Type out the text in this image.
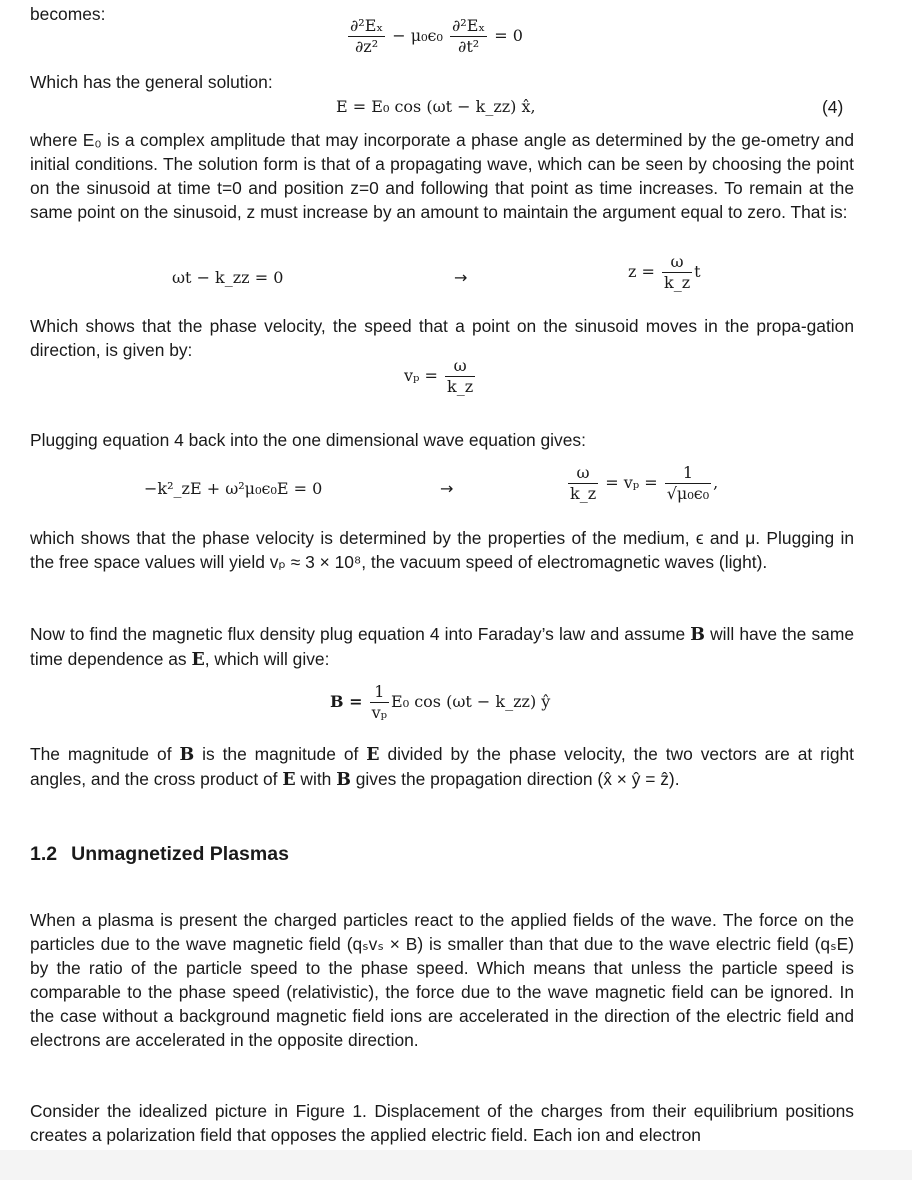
becomes:

$\frac{\text{∂²Eₓ}}{\text{∂z²}} - \mu_0\epsilon_0 \frac{\text{∂²Eₓ}}{\text{∂t²}} = 0$

Which has the general solution:

E = E₀ cos (ωt − k_zz) x̂,	(4)

where E₀ is a complex amplitude that may incorporate a phase angle as determined by the ge-ometry and initial conditions. The solution form is that of a propagating wave, which can be seen by choosing the point on the sinusoid at time t=0 and position z=0 and following that point as time increases. To remain at the same point on the sinusoid, z must increase by an amount to maintain the argument equal to zero. That is:

ωt − k_zz = 0	→	$z = \frac{\omega}{k\_z}$ t

Which shows that the phase velocity, the speed that a point on the sinusoid moves in the propa-gation direction, is given by:

$v_p = \frac{\omega}{k\_z}$

Plugging equation 4 back into the one dimensional wave equation gives:

−k²_zE + ω²μ₀ϵ₀E = 0	→	$\frac{\omega}{k\_z} = v_p = \frac{1}{\text{√μ₀ϵ₀}}$ ,

which shows that the phase velocity is determined by the properties of the medium, ϵ and μ. Plugging in the free space values will yield vₚ ≈ 3 × 10⁸, the vacuum speed of electromagnetic waves (light).

Now to find the magnetic flux density plug equation 4 into Faraday’s law and assume B will have the same time dependence as E, which will give:

$B = \frac{1}{\text{vₚ}} E_0$ cos (ωt − k_zz) ŷ

The magnitude of B is the magnitude of E divided by the phase velocity, the two vectors are at right angles, and the cross product of E with B gives the propagation direction (x̂ × ŷ = ẑ).

1.2 Unmagnetized Plasmas

When a plasma is present the charged particles react to the applied fields of the wave. The force on the particles due to the wave magnetic field (qₛvₛ × B) is smaller than that due to the wave electric field (qₛE) by the ratio of the particle speed to the phase speed. Which means that unless the particle speed is comparable to the phase speed (relativistic), the force due to the wave magnetic field can be ignored. In the case without a background magnetic field ions are accelerated in the direction of the electric field and electrons are accelerated in the opposite direction.

Consider the idealized picture in Figure 1. Displacement of the charges from their equilibrium positions creates a polarization field that opposes the applied electric field. Each ion and electron
